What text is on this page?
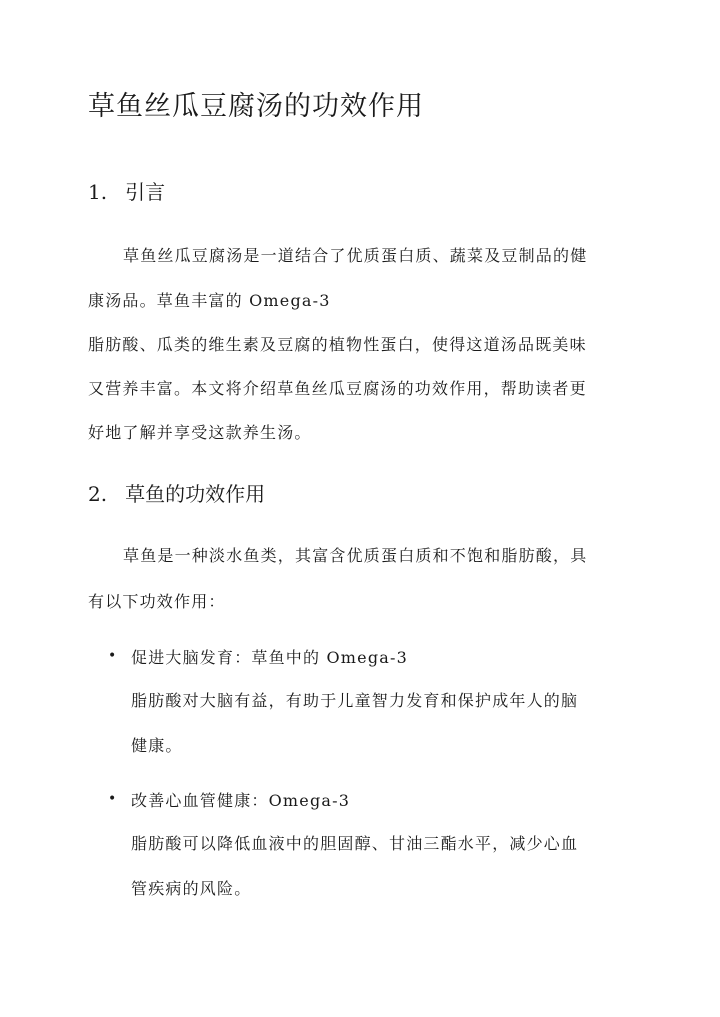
草鱼丝瓜豆腐汤的功效作用
1. 引言

草鱼丝瓜豆腐汤是一道结合了优质蛋白质、蔬菜及豆制品的健

康汤品。草鱼丰富的 Omega-3

脂肪酸、瓜类的维生素及豆腐的植物性蛋白，使得这道汤品既美味

又营养丰富。本文将介绍草鱼丝瓜豆腐汤的功效作用，帮助读者更

好地了解并享受这款养生汤。

2. 草鱼的功效作用

草鱼是一种淡水鱼类，其富含优质蛋白质和不饱和脂肪酸，具

有以下功效作用：

• 促进大脑发育：草鱼中的 Omega-3

脂肪酸对大脑有益，有助于儿童智力发育和保护成年人的脑

健康。

• 改善心血管健康：Omega-3

脂肪酸可以降低血液中的胆固醇、甘油三酯水平，减少心血

管疾病的风险。
